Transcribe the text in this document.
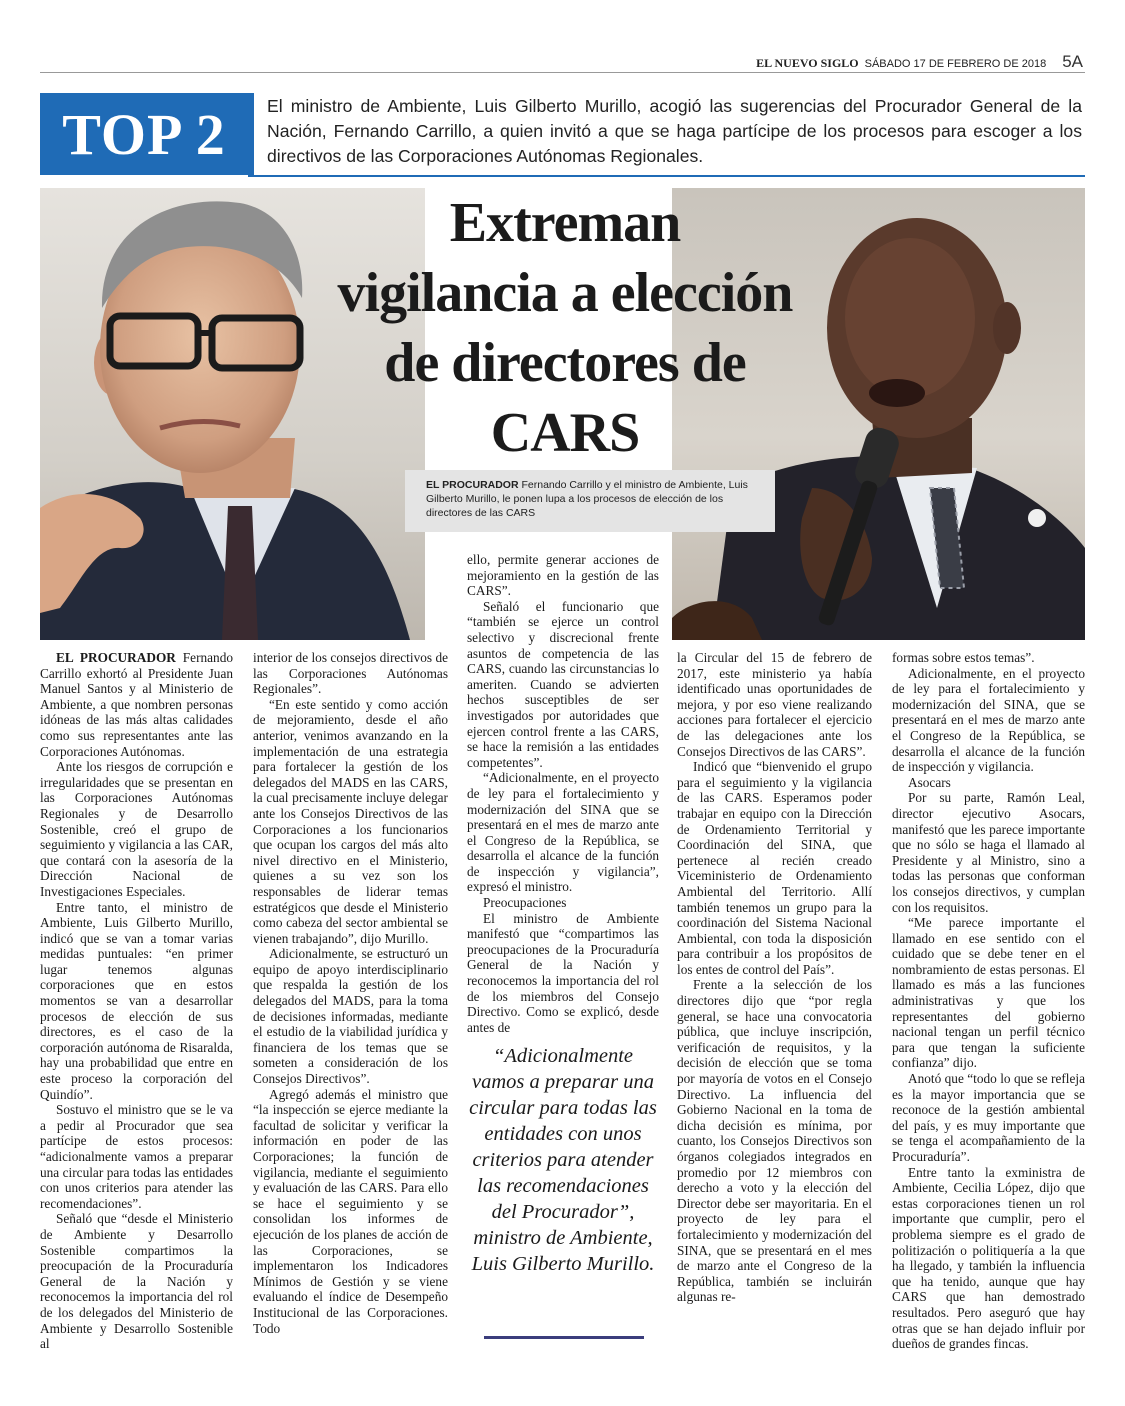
EL NUEVO SIGLO SÁBADO 17 DE FEBRERO DE 2018 5A
TOP 2	El ministro de Ambiente, Luis Gilberto Murillo, acogió las sugerencias del Procurador General de la Nación, Fernando Carrillo, a quien invitó a que se haga partícipe de los procesos para escoger a los directivos de las Corporaciones Autónomas Regionales.
Extreman
vigilancia a elección
de directores de
CARS
EL PROCURADOR Fernando Carrillo y el ministro de Ambiente, Luis Gilberto Murillo, le ponen lupa a los procesos de elección de los directores de las CARS

EL PROCURADOR Fernando Carrillo exhortó al Presidente Juan Manuel Santos y al Ministerio de Ambiente, a que nombren personas idóneas de las más altas calidades como sus representantes ante las Corporaciones Autónomas.

Ante los riesgos de corrupción e irregularidades que se presentan en las Corporaciones Autónomas Regionales y de Desarrollo Sostenible, creó el grupo de seguimiento y vigilancia a las CAR, que contará con la asesoría de la Dirección Nacional de Investigaciones Especiales.

Entre tanto, el ministro de Ambiente, Luis Gilberto Murillo, indicó que se van a tomar varias medidas puntuales: “en primer lugar tenemos algunas corporaciones que en estos momentos se van a desarrollar procesos de elección de sus directores, es el caso de la corporación autónoma de Risaralda, hay una probabilidad que entre en este proceso la corporación del Quindío”.

Sostuvo el ministro que se le va a pedir al Procurador que sea partícipe de estos procesos: “adicionalmente vamos a preparar una circular para todas las entidades con unos criterios para atender las recomendaciones”.

Señaló que “desde el Ministerio de Ambiente y Desarrollo Sostenible compartimos la preocupación de la Procuraduría General de la Nación y reconocemos la importancia del rol de los delegados del Ministerio de Ambiente y Desarrollo Sostenible al

interior de los consejos directivos de las Corporaciones Autónomas Regionales”.

“En este sentido y como acción de mejoramiento, desde el año anterior, venimos avanzando en la implementación de una estrategia para fortalecer la gestión de los delegados del MADS en las CARS, la cual precisamente incluye delegar ante los Consejos Directivos de las Corporaciones a los funcionarios que ocupan los cargos del más alto nivel directivo en el Ministerio, quienes a su vez son los responsables de liderar temas estratégicos que desde el Ministerio como cabeza del sector ambiental se vienen trabajando”, dijo Murillo.

Adicionalmente, se estructuró un equipo de apoyo interdisciplinario que respalda la gestión de los delegados del MADS, para la toma de decisiones informadas, mediante el estudio de la viabilidad jurídica y financiera de los temas que se someten a consideración de los Consejos Directivos”.

Agregó además el ministro que “la inspección se ejerce mediante la facultad de solicitar y verificar la información en poder de las Corporaciones; la función de vigilancia, mediante el seguimiento y evaluación de las CARS. Para ello se hace el seguimiento y se consolidan los informes de ejecución de los planes de acción de las Corporaciones, se implementaron los Indicadores Mínimos de Gestión y se viene evaluando el índice de Desempeño Institucional de las Corporaciones. Todo

ello, permite generar acciones de mejoramiento en la gestión de las CARS”.

Señaló el funcionario que “también se ejerce un control selectivo y discrecional frente asuntos de competencia de las CARS, cuando las circunstancias lo ameriten. Cuando se advierten hechos susceptibles de ser investigados por autoridades que ejercen control frente a las CARS, se hace la remisión a las entidades competentes”.

“Adicionalmente, en el proyecto de ley para el fortalecimiento y modernización del SINA que se presentará en el mes de marzo ante el Congreso de la República, se desarrolla el alcance de la función de inspección y vigilancia”, expresó el ministro.

Preocupaciones

El ministro de Ambiente manifestó que “compartimos las preocupaciones de la Procuraduría General de la Nación y reconocemos la importancia del rol de los miembros del Consejo Directivo. Como se explicó, desde antes de

“Adicionalmente vamos a preparar una circular para todas las entidades con unos criterios para atender las recomendaciones del Procurador”, ministro de Ambiente, Luis Gilberto Murillo.

la Circular del 15 de febrero de 2017, este ministerio ya había identificado unas oportunidades de mejora, y por eso viene realizando acciones para fortalecer el ejercicio de las delegaciones ante los Consejos Directivos de las CARS”.

Indicó que “bienvenido el grupo para el seguimiento y la vigilancia de las CARS. Esperamos poder trabajar en equipo con la Dirección de Ordenamiento Territorial y Coordinación del SINA, que pertenece al recién creado Viceministerio de Ordenamiento Ambiental del Territorio. Allí también tenemos un grupo para la coordinación del Sistema Nacional Ambiental, con toda la disposición para contribuir a los propósitos de los entes de control del País”.

Frente a la selección de los directores dijo que “por regla general, se hace una convocatoria pública, que incluye inscripción, verificación de requisitos, y la decisión de elección que se toma por mayoría de votos en el Consejo Directivo. La influencia del Gobierno Nacional en la toma de dicha decisión es mínima, por cuanto, los Consejos Directivos son órganos colegiados integrados en promedio por 12 miembros con derecho a voto y la elección del Director debe ser mayoritaria. En el proyecto de ley para el fortalecimiento y modernización del SINA, que se presentará en el mes de marzo ante el Congreso de la República, también se incluirán algunas re-

formas sobre estos temas”.

Adicionalmente, en el proyecto de ley para el fortalecimiento y modernización del SINA, que se presentará en el mes de marzo ante el Congreso de la República, se desarrolla el alcance de la función de inspección y vigilancia.

Asocars

Por su parte, Ramón Leal, director ejecutivo Asocars, manifestó que les parece importante que no sólo se haga el llamado al Presidente y al Ministro, sino a todas las personas que conforman los consejos directivos, y cumplan con los requisitos.

“Me parece importante el llamado en ese sentido con el cuidado que se debe tener en el nombramiento de estas personas. El llamado es más a las funciones administrativas y que los representantes del gobierno nacional tengan un perfil técnico para que tengan la suficiente confianza” dijo.

Anotó que “todo lo que se refleja es la mayor importancia que se reconoce de la gestión ambiental del país, y es muy importante que se tenga el acompañamiento de la Procuraduría”.

Entre tanto la exministra de Ambiente, Cecilia López, dijo que estas corporaciones tienen un rol importante que cumplir, pero el problema siempre es el grado de politización o politiquería a la que ha llegado, y también la influencia que ha tenido, aunque que hay CARS que han demostrado resultados. Pero aseguró que hay otras que se han dejado influir por dueños de grandes fincas.
